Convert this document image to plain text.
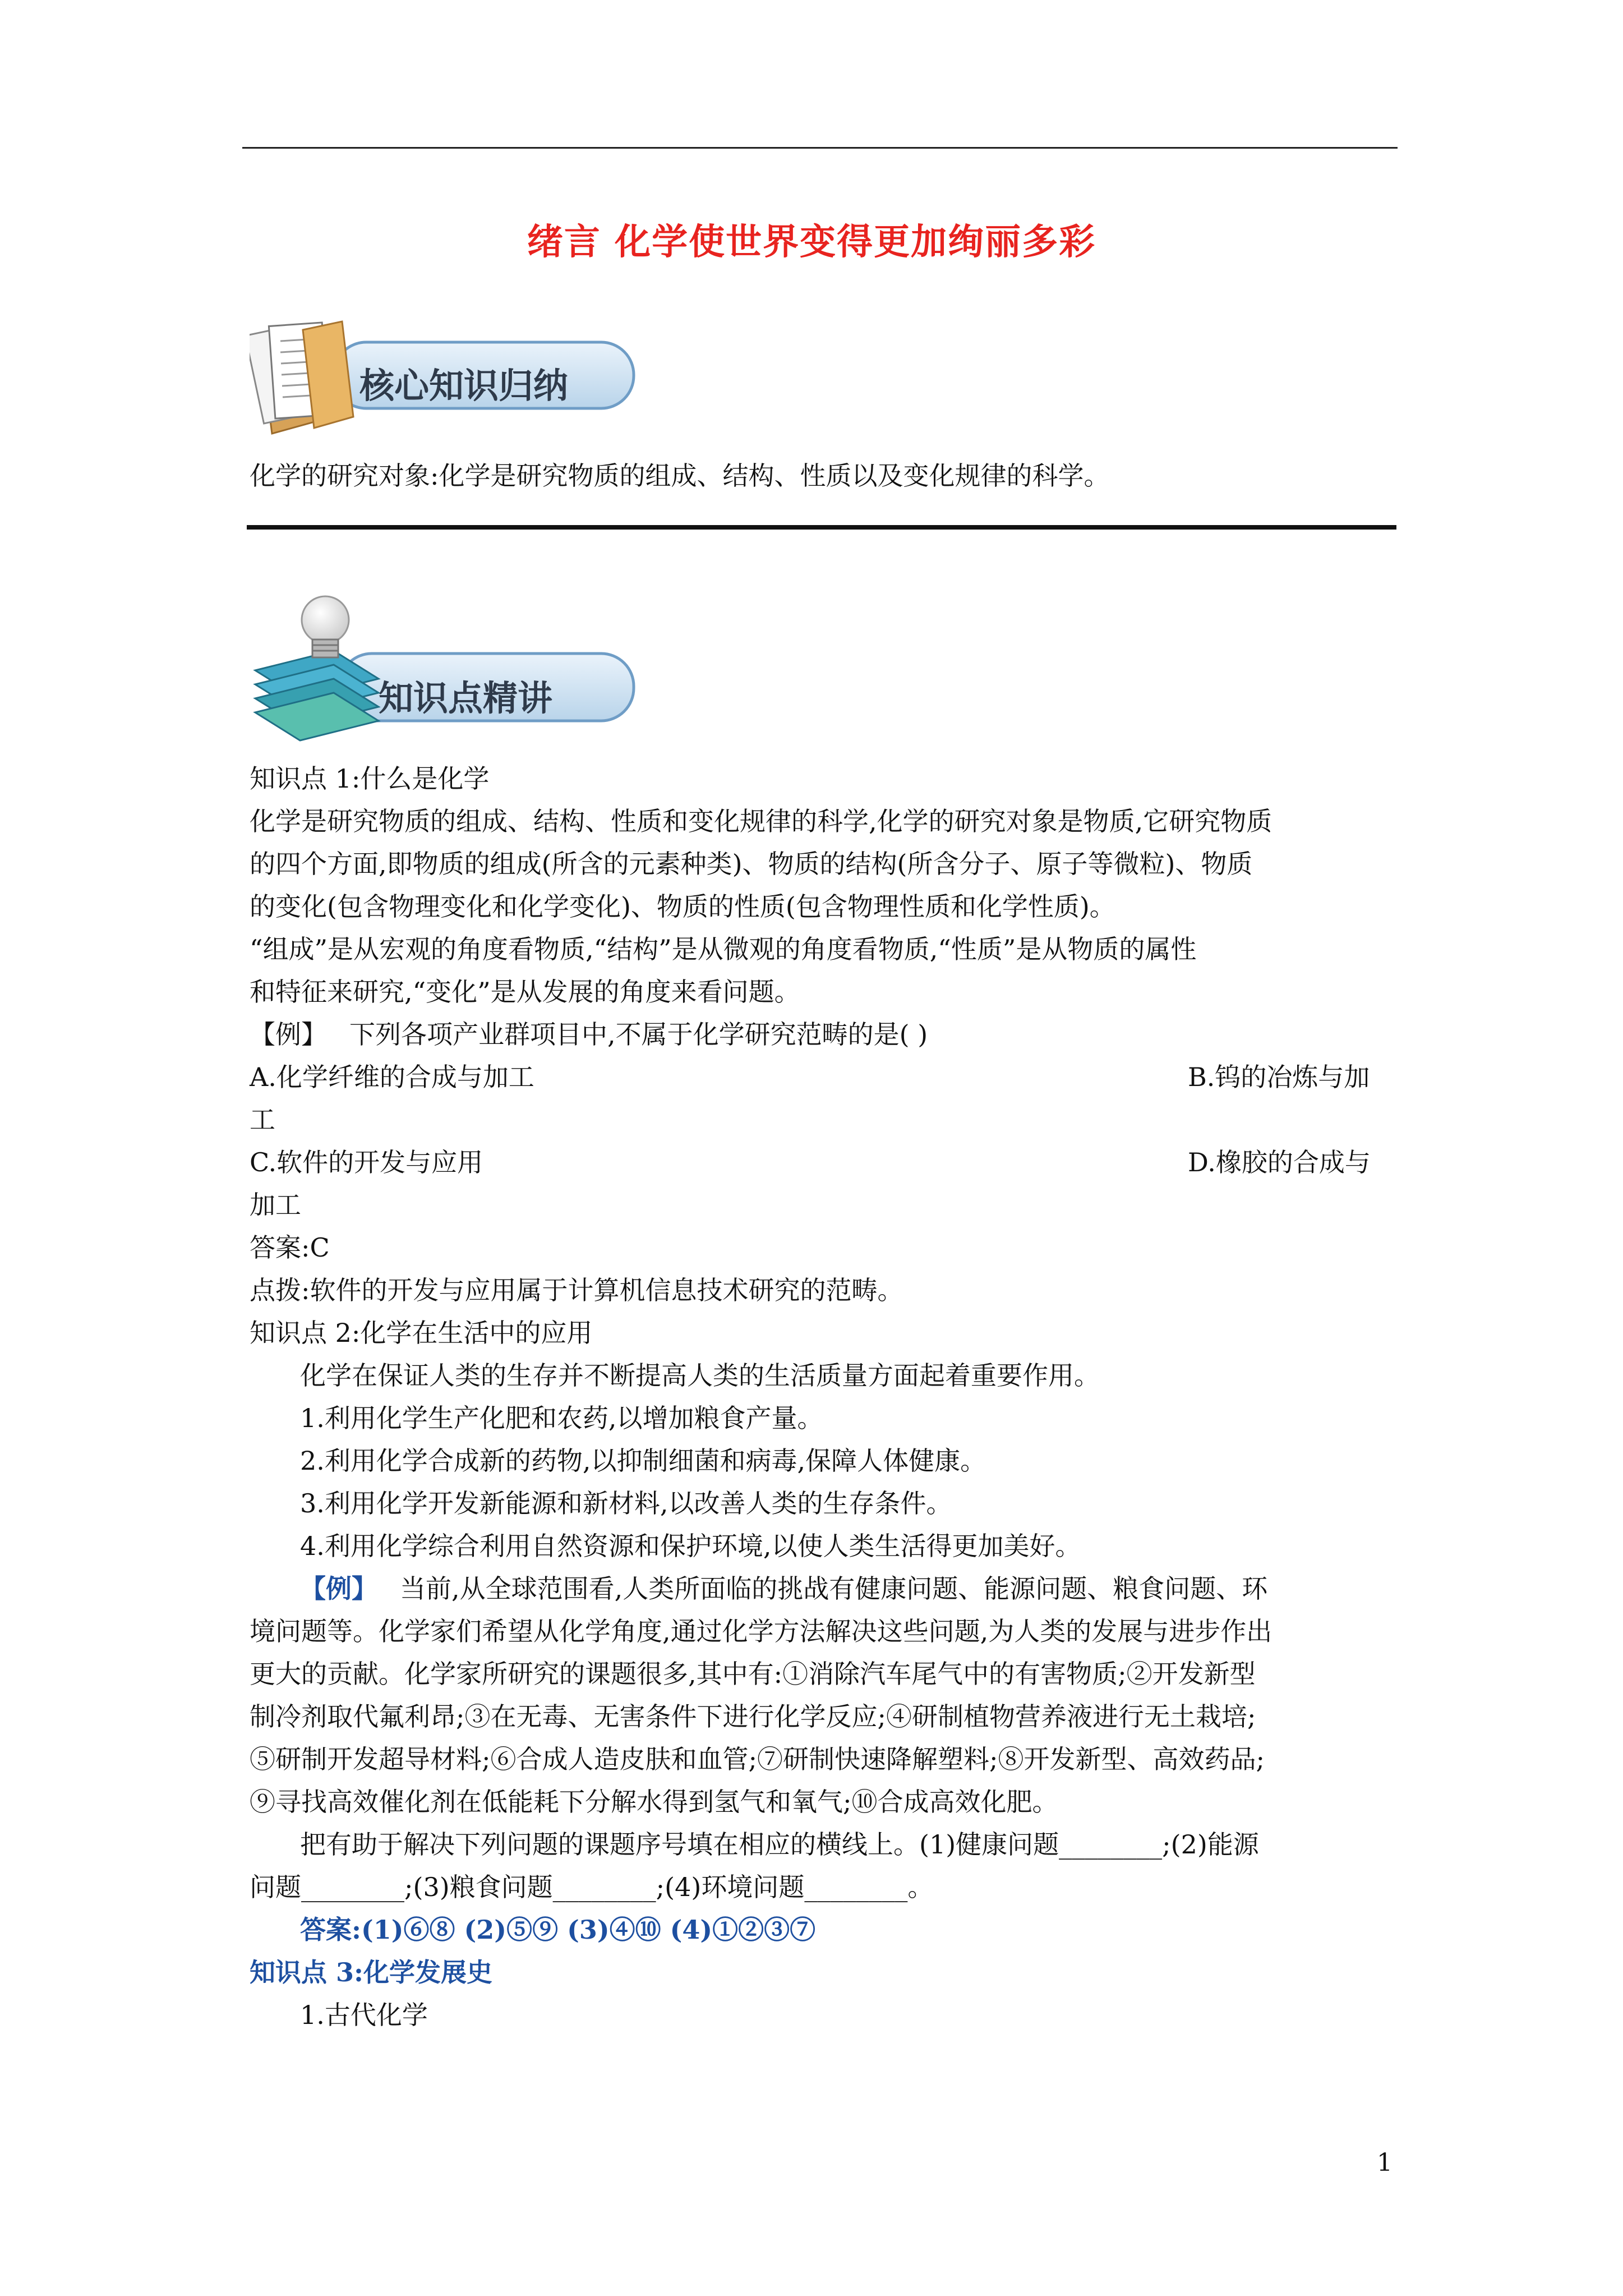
绪言 化学使世界变得更加绚丽多彩
核心知识归纳
化学的研究对象:化学是研究物质的组成、结构、性质以及变化规律的科学。
知识点精讲
知识点 1:什么是化学
化学是研究物质的组成、结构、性质和变化规律的科学,化学的研究对象是物质,它研究物质
的四个方面,即物质的组成(所含的元素种类)、物质的结构(所含分子、原子等微粒)、物质
的变化(包含物理变化和化学变化)、物质的性质(包含物理性质和化学性质)。
“组成”是从宏观的角度看物质,“结构”是从微观的角度看物质,“性质”是从物质的属性
和特征来研究,“变化”是从发展的角度来看问题。
【例】 下列各项产业群项目中,不属于化学研究范畴的是( )
A.化学纤维的合成与加工	B.钨的冶炼与加
工
C.软件的开发与应用	D.橡胶的合成与
加工
答案:C
点拨:软件的开发与应用属于计算机信息技术研究的范畴。
知识点 2:化学在生活中的应用
化学在保证人类的生存并不断提高人类的生活质量方面起着重要作用。
1.利用化学生产化肥和农药,以增加粮食产量。
2.利用化学合成新的药物,以抑制细菌和病毒,保障人体健康。
3.利用化学开发新能源和新材料,以改善人类的生存条件。
4.利用化学综合利用自然资源和保护环境,以使人类生活得更加美好。
【例】 当前,从全球范围看,人类所面临的挑战有健康问题、能源问题、粮食问题、环
境问题等。化学家们希望从化学角度,通过化学方法解决这些问题,为人类的发展与进步作出
更大的贡献。化学家所研究的课题很多,其中有:①消除汽车尾气中的有害物质;②开发新型
制冷剂取代氟利昂;③在无毒、无害条件下进行化学反应;④研制植物营养液进行无土栽培;
⑤研制开发超导材料;⑥合成人造皮肤和血管;⑦研制快速降解塑料;⑧开发新型、高效药品;
⑨寻找高效催化剂在低能耗下分解水得到氢气和氧气;⑩合成高效化肥。
把有助于解决下列问题的课题序号填在相应的横线上。(1)健康问题________;(2)能源
问题________;(3)粮食问题________;(4)环境问题________。
答案:(1)⑥⑧ (2)⑤⑨ (3)④⑩ (4)①②③⑦
知识点 3:化学发展史
1.古代化学
1
